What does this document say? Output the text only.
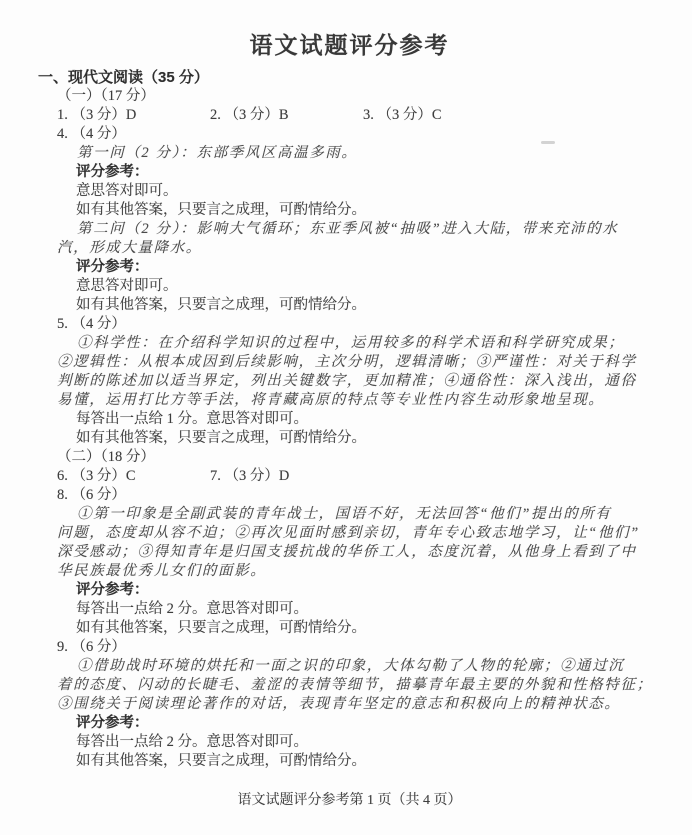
语文试题评分参考
一、现代文阅读（35 分）
（一）（17 分）
1. （3 分）D	2. （3 分）B	3. （3 分）C
4. （4 分）
第一问（2 分）：东部季风区高温多雨。
评分参考：
意思答对即可。
如有其他答案，只要言之成理，可酌情给分。
第二问（2 分）：影响大气循环；东亚季风被“抽吸”进入大陆，带来充沛的水
汽，形成大量降水。
评分参考：
意思答对即可。
如有其他答案，只要言之成理，可酌情给分。
5. （4 分）
①科学性：在介绍科学知识的过程中，运用较多的科学术语和科学研究成果；
②逻辑性：从根本成因到后续影响，主次分明，逻辑清晰；③严谨性：对关于科学
判断的陈述加以适当界定，列出关键数字，更加精准；④通俗性：深入浅出，通俗
易懂，运用打比方等手法，将青藏高原的特点等专业性内容生动形象地呈现。
每答出一点给 1 分。意思答对即可。
如有其他答案，只要言之成理，可酌情给分。
（二）（18 分）
6. （3 分）C	7. （3 分）D
8. （6 分）
①第一印象是全副武装的青年战士，国语不好，无法回答“他们”提出的所有
问题，态度却从容不迫；②再次见面时感到亲切，青年专心致志地学习，让“他们”
深受感动；③得知青年是归国支援抗战的华侨工人，态度沉着，从他身上看到了中
华民族最优秀儿女们的面影。
评分参考：
每答出一点给 2 分。意思答对即可。
如有其他答案，只要言之成理，可酌情给分。
9. （6 分）
①借助战时环境的烘托和一面之识的印象，大体勾勒了人物的轮廓；②通过沉
着的态度、闪动的长睫毛、羞涩的表情等细节，描摹青年最主要的外貌和性格特征；
③围绕关于阅读理论著作的对话，表现青年坚定的意志和积极向上的精神状态。
评分参考：
每答出一点给 2 分。意思答对即可。
如有其他答案，只要言之成理，可酌情给分。
语文试题评分参考第 1 页（共 4 页）
